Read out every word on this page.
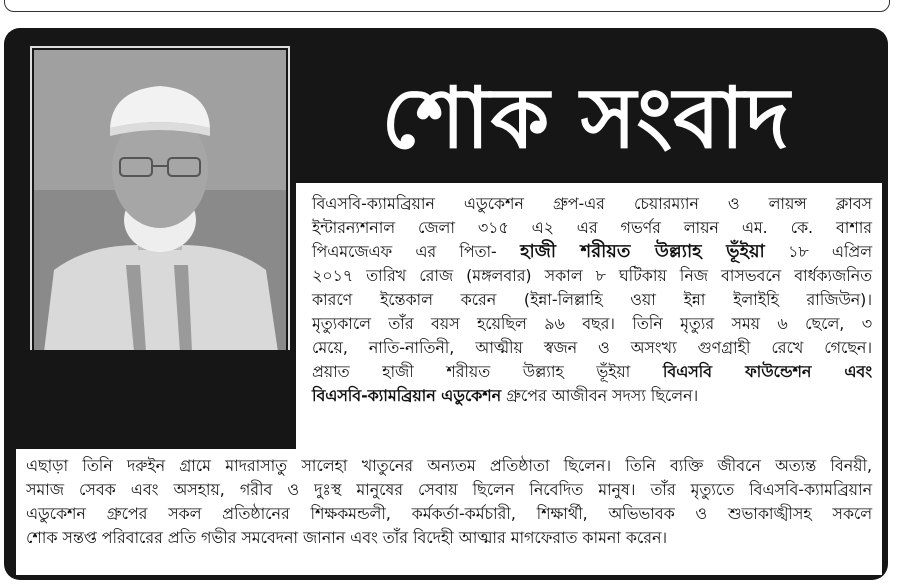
শোক সংবাদ
বিএসবি-ক্যামব্রিয়ান এডুকেশন গ্রুপ-এর চেয়ারম্যান ও লায়ন্স ক্লাবস
ইন্টারন্যশনাল জেলা ৩১৫ এ২ এর গভর্ণর লায়ন এম. কে. বাশার
পিএমজেএফ এর পিতা- হাজী শরীয়ত উল্ল্যাহ ভূঁইয়া ১৮ এপ্রিল
২০১৭ তারিখ রোজ (মঙ্গলবার) সকাল ৮ ঘটিকায় নিজ বাসভবনে বার্ধক্যজনিত
কারণে ইন্তেকাল করেন (ইন্না-লিল্লাহি ওয়া ইন্না ইলাইহি রাজিউন)।
মৃত্যুকালে তাঁর বয়স হয়েছিল ৯৬ বছর। তিনি মৃত্যুর সময় ৬ ছেলে, ৩
মেয়ে, নাতি-নাতিনী, আত্মীয় স্বজন ও অসংখ্য গুণগ্রাহী রেখে গেছেন।
প্রয়াত হাজী শরীয়ত উল্ল্যাহ ভূঁইয়া বিএসবি ফাউন্ডেশন এবং
বিএসবি-ক্যামব্রিয়ান এডুকেশন গ্রুপের আজীবন সদস্য ছিলেন।
এছাড়া তিনি দরুইন গ্রামে মাদরাসাতু সালেহা খাতুনের অন্যতম প্রতিষ্ঠাতা ছিলেন। তিনি ব্যক্তি জীবনে অত্যন্ত বিনয়ী,
সমাজ সেবক এবং অসহায়, গরীব ও দুঃস্থ মানুষের সেবায় ছিলেন নিবেদিত মানুষ। তাঁর মৃত্যুতে বিএসবি-ক্যামব্রিয়ান
এডুকেশন গ্রুপের সকল প্রতিষ্ঠানের শিক্ষকমন্ডলী, কর্মকর্তা-কর্মচারী, শিক্ষার্থী, অভিভাবক ও শুভাকাঙ্খীসহ সকলে
শোক সন্তপ্ত পরিবারের প্রতি গভীর সমবেদনা জানান এবং তাঁর বিদেহী আত্মার মাগফেরাত কামনা করেন।
